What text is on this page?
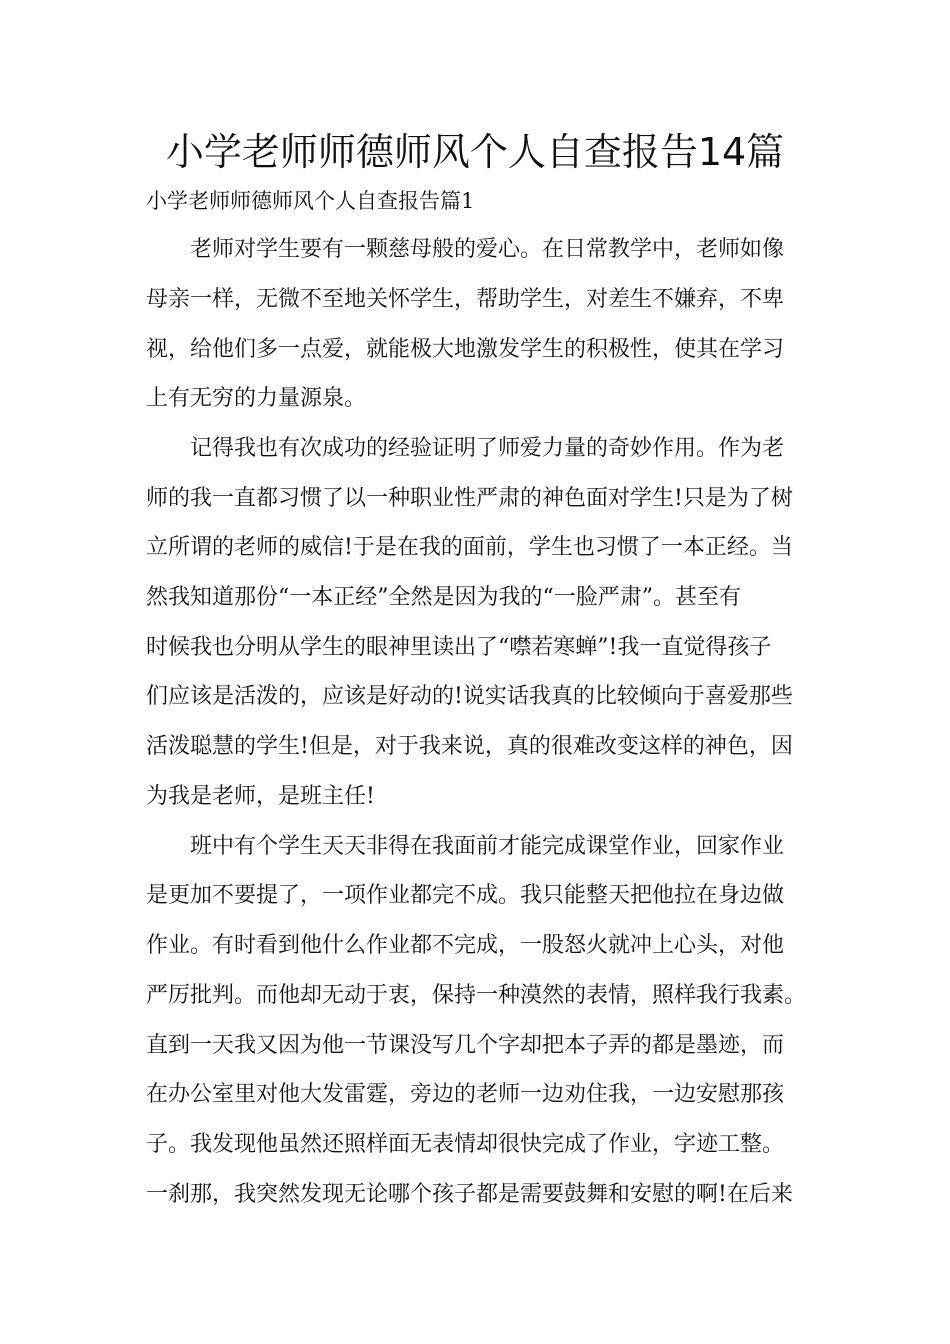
小学老师师德师风个人自查报告14篇
小学老师师德师风个人自查报告篇1
老师对学生要有一颗慈母般的爱心。在日常教学中，老师如像
母亲一样，无微不至地关怀学生，帮助学生，对差生不嫌弃，不卑
视，给他们多一点爱，就能极大地激发学生的积极性，使其在学习
上有无穷的力量源泉。
记得我也有次成功的经验证明了师爱力量的奇妙作用。作为老
师的我一直都习惯了以一种职业性严肃的神色面对学生!只是为了树
立所谓的老师的威信!于是在我的面前，学生也习惯了一本正经。当
然我知道那份“一本正经”全然是因为我的“一脸严肃”。甚至有
时候我也分明从学生的眼神里读出了“噤若寒蝉”!我一直觉得孩子
们应该是活泼的，应该是好动的!说实话我真的比较倾向于喜爱那些
活泼聪慧的学生!但是，对于我来说，真的很难改变这样的神色，因
为我是老师，是班主任!
班中有个学生天天非得在我面前才能完成课堂作业，回家作业
是更加不要提了，一项作业都完不成。我只能整天把他拉在身边做
作业。有时看到他什么作业都不完成，一股怒火就冲上心头，对他
严厉批判。而他却无动于衷，保持一种漠然的表情，照样我行我素。
直到一天我又因为他一节课没写几个字却把本子弄的都是墨迹，而
在办公室里对他大发雷霆，旁边的老师一边劝住我，一边安慰那孩
子。我发现他虽然还照样面无表情却很快完成了作业，字迹工整。
一刹那，我突然发现无论哪个孩子都是需要鼓舞和安慰的啊!在后来
